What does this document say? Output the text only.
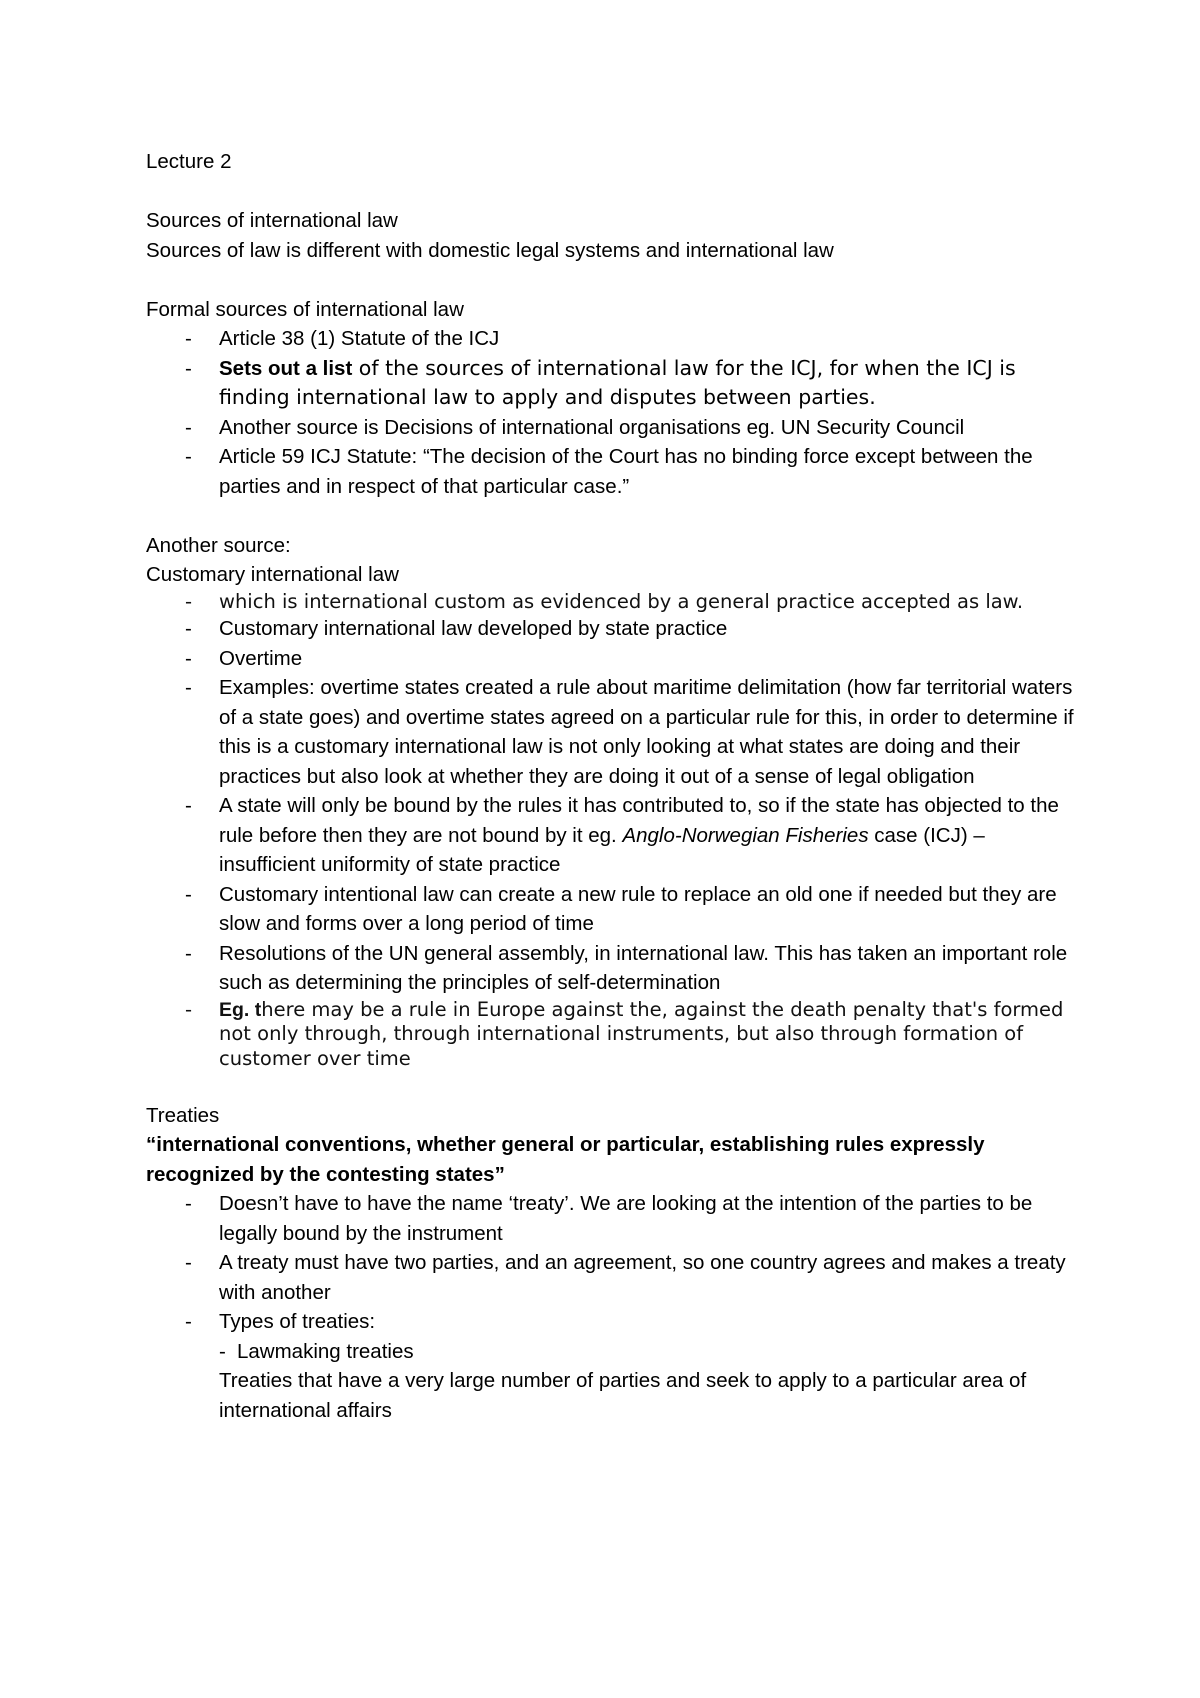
Lecture 2

Sources of international law

Sources of law is different with domestic legal systems and international law

Formal sources of international law

- Article 38 (1) Statute of the ICJ
- Sets out a list of the sources of international law for the ICJ, for when the ICJ is finding international law to apply and disputes between parties.
- Another source is Decisions of international organisations eg. UN Security Council
- Article 59 ICJ Statute: “The decision of the Court has no binding force except between the parties and in respect of that particular case.”

Another source:

Customary international law

- which is international custom as evidenced by a general practice accepted as law.
- Customary international law developed by state practice
- Overtime
- Examples: overtime states created a rule about maritime delimitation (how far territorial waters of a state goes) and overtime states agreed on a particular rule for this, in order to determine if this is a customary international law is not only looking at what states are doing and their practices but also look at whether they are doing it out of a sense of legal obligation
- A state will only be bound by the rules it has contributed to, so if the state has objected to the rule before then they are not bound by it eg. Anglo-Norwegian Fisheries case (ICJ) – insufficient uniformity of state practice
- Customary intentional law can create a new rule to replace an old one if needed but they are slow and forms over a long period of time
- Resolutions of the UN general assembly, in international law. This has taken an important role such as determining the principles of self-determination
- Eg. there may be a rule in Europe against the, against the death penalty that's formed not only through, through international instruments, but also through formation of customer over time

Treaties

“international conventions, whether general or particular, establishing rules expressly recognized by the contesting states”

- Doesn’t have to have the name ‘treaty’. We are looking at the intention of the parties to be legally bound by the instrument
- A treaty must have two parties, and an agreement, so one country agrees and makes a treaty with another
- Types of treaties:
- Lawmaking treaties
Treaties that have a very large number of parties and seek to apply to a particular area of international affairs
